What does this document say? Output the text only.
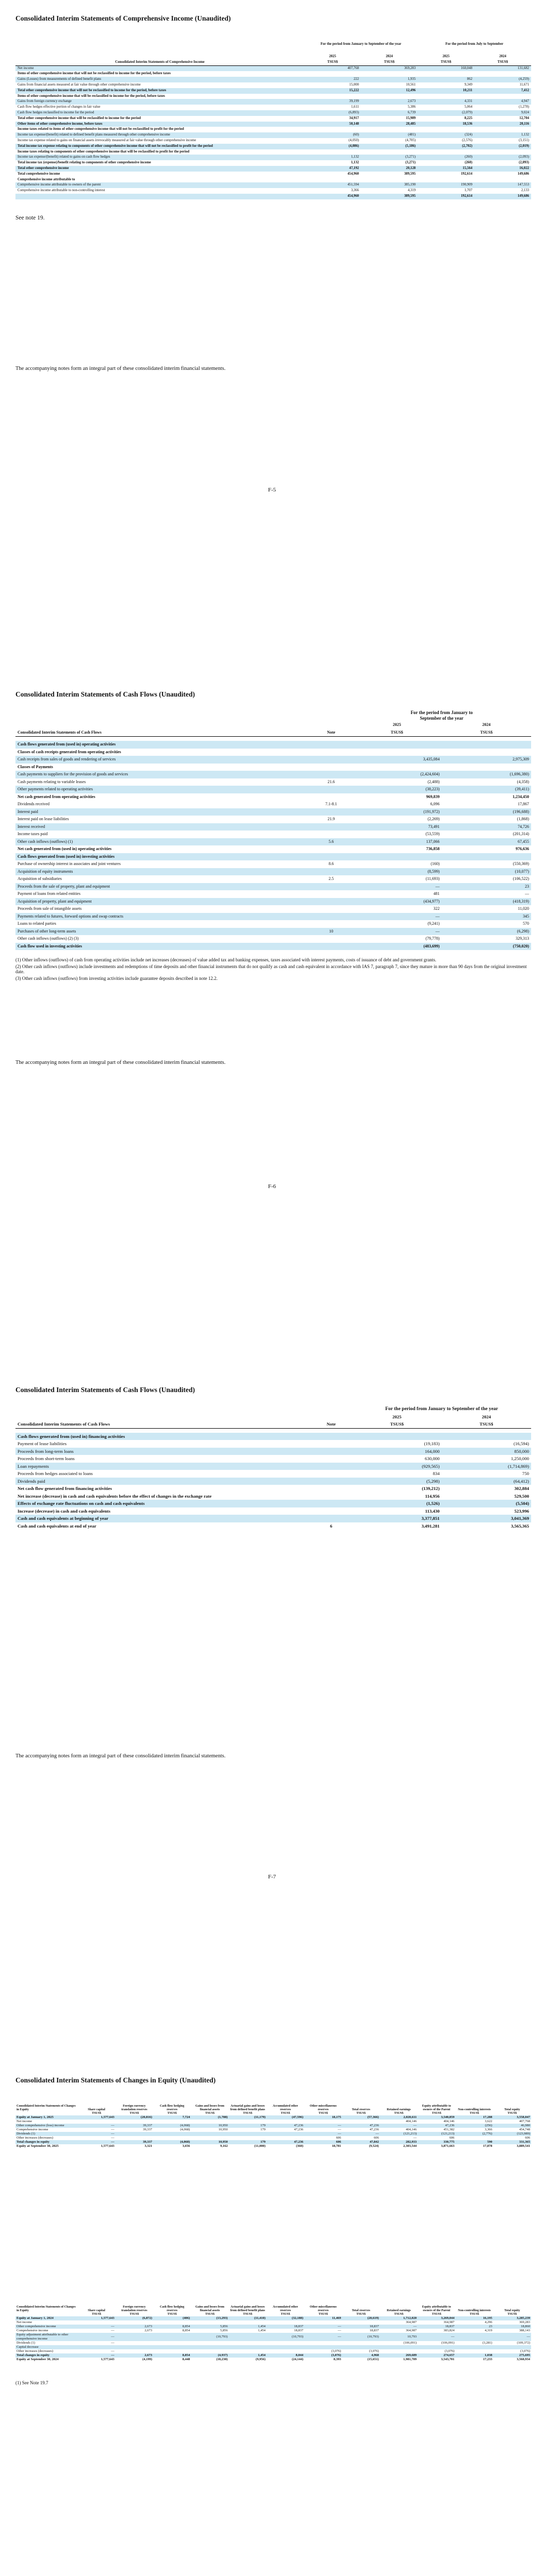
Consolidated Interim Statements of Comprehensive Income (Unaudited)

	For the period from January to September of the year		For the period from July to September	

	2025	2024	2025	2024
Consolidated Interim Statements of Comprehensive Income	TSUS$	TSUS$	TSUS$	TSUS$
Net income	407,768	369,283	160,048	131,682
Items of other comprehensive income that will not be reclassified to income for the period, before taxes				
Gains (Losses) from measurements of defined benefit plans	222	1,935	862	(4,259)
Gains from financial assets measured at fair value through other comprehensive income	15,000	10,561	9,349	11,671
Total other comprehensive income that will not be reclassified to income for the period, before taxes	15,222	12,496	10,211	7,412
Items of other comprehensive income that will be reclassified to income for the period, before taxes				
Gains from foreign currency exchange	39,199	2,673	4,331	4,947
Cash flow hedges effective portion of changes in fair value	1,611	5,386	5,064	(1,278)
Cash flow hedges reclassified to income for the period	(6,893)	6,739	(2,079)	9,024
Total other comprehensive income that will be reclassified to income for the period	34,917	15,989	8,225	12,704
Other items of other comprehensive income, before taxes	50,148	28,485	18,536	20,116
Income taxes related to items of other comprehensive income that will not be reclassified to profit for the period				
Income tax expense/(benefit) related to defined benefit plans measured through other comprehensive income	(60)	(481)	(324)	1,132
Income tax expense related to gains on financial assets irrevocably measured at fair value through other comprehensive income	(4,050)	(4,705)	(2,576)	(3,151)
Total income tax expense relating to components of other comprehensive income that will not be reclassified to profit for the period	(4,086)	(5,186)	(2,702)	(2,019)
Income taxes relating to components of other comprehensive income that will be reclassified to profit for the period				
Income tax expense/(benefit) related to gains on cash flow hedges	1,132	(3,271)	(260)	(2,093)
Total income tax (expense)/benefit relating to components of other comprehensive income	1,132	(3,271)	(260)	(2,093)

Total other comprehensive income	47,192	20,128	15,564	16,022
Total comprehensive income	454,960	389,595	192,614	149,686
Comprehensive income attributable to				
Comprehensive income attributable to owners of the parent	451,594	385,190	190,909	147,553
Comprehensive income attributable to non-controlling interest	3,366	4,319	1,707	2,133
	454,960	389,595	192,614	149,686

See note 19.

The accompanying notes form an integral part of these consolidated interim financial statements.
F-5

Consolidated Interim Statements of Cash Flows (Unaudited)

		For the period from January to September of the year	
		2025	2024
Consolidated Interim Statements of Cash Flows	Note	TSUS$	TSUS$

Cash flows generated from (used in) operating activities			
Classes of cash receipts generated from operating activities			
Cash receipts from sales of goods and rendering of services		3,435,084	2,975,309
Classes of Payments			
Cash payments to suppliers for the provision of goods and services		(2,424,604)	(1,696,380)
Cash payments relating to variable leases	21.6	(2,488)	(4,358)
Other payments related to operating activities		(38,223)	(39,411)
Net cash generated from operating activities		969,839	1,234,450
Dividends received	7.1-8.1	6,096	17,867
Interest paid		(191,972)	(196,688)
Interest paid on lease liabilities	21.9	(2,269)	(1,868)
Interest received		73,491	74,726
Income taxes paid		(53,559)	(201,314)
Other cash inflows (outflows) (1)	5.6	137,066	67,455
Net cash generated from (used in) operating activities		736,858	976,636
Cash flows generated from (used in) investing activities			
Purchase of ownership interest in associates and joint ventures	8.6	(160)	(550,369)
Acquisition of equity instruments		(8,599)	(10,077)
Acquisition of subsidiaries	2.5	(11,693)	(106,522)
Proceeds from the sale of property, plant and equipment		—	23
Payment of loans from related entities		481	—
Acquisition of property, plant and equipment		(434,977)	(418,319)
Proceeds from sale of intangible assets		322	11,020
Payments related to futures, forward options and swap contracts		—	345
Loans to related parties		(9,241)	570
Purchases of other long-term assets	10	—	(6,298)
Other cash inflows (outflows) (2) (3)		(79,778)	329,313
Cash flow used in investing activities		(483,699)	(750,020)

(1) Other inflows (outflows) of cash from operating activities include net increases (decreases) of value added tax and banking expenses, taxes associated with interest payments, costs of issuance of debt and government grants.

(2) Other cash inflows (outflows) include investments and redemptions of time deposits and other financial instruments that do not qualify as cash and cash equivalent in accordance with IAS 7, paragraph 7, since they mature in more than 90 days from the original investment date.

(3) Other cash inflows (outflows) from investing activities include guarantee deposits described in note 12.2.

The accompanying notes form an integral part of these consolidated interim financial statements.
F-6

Consolidated Interim Statements of Cash Flows (Unaudited)

		For the period from January to September of the year	
		2025	2024
Consolidated Interim Statements of Cash Flows	Note	TSUS$	TSUS$

Cash flows generated from (used in) financing activities			
Payment of lease liabilities		(19,183)	(16,594)
Proceeds from long-term loans		164,000	850,000
Proceeds from short-term loans		630,000	1,250,000
Loan repayments		(929,565)	(1,714,869)
Proceeds from hedges associated to loans		834	750
Dividends paid		(5,298)	(64,412)
Net cash flow generated from financing activities		(139,212)	302,884

Net increase (decrease) in cash and cash equivalents before the effect of changes in the exchange rate		114,956	529,500
Effects of exchange rate fluctuations on cash and cash equivalents		(1,526)	(5,504)
Increase (decrease) in cash and cash equivalents		113,430	523,996
Cash and cash equivalents at beginning of year		3,377,851	3,041,369
Cash and cash equivalents at end of year	6	3,491,281	3,565,365
The accompanying notes form an integral part of these consolidated interim financial statements.
F-7

Consolidated Interim Statements of Changes in Equity (Unaudited)

Consolidated Interim Statements of Changes in Equity	Share capital	Foreign currency translation reserves	Cash flow hedging reserves	Gains and losses from financial assets	Actuarial gains and losses from defined benefit plans	Accumulated other reserves	Other miscellaneous reserves	Total reserves	Retained earnings	Equity attributable to owners of the Parent	Non-controlling interests	Total equity
	TSUS$	TSUS$	TSUS$	TSUS$	TSUS$	TSUS$	TSUS$	TSUS$	TSUS$	TSUS$	TSUS$	TSUS$
Equity at January 1, 2025	1,577,643	(20,816)	7,724	(1,788)	(11,179)	(47,596)	18,175	(57,366)	2,020,611	3,540,859	17,288	3,558,047
Net income									404,146	404,146	3,622	407,768
Other comprehensive (loss) income	—	39,337	(4,068)	10,950	179	47,236	—	47,236	—	47,236	(256)	46,980
Comprehensive income	—	39,337	(4,068)	10,950	179	47,236	—	47,236	404,146	451,382	3,366	454,748
Dividends (1)	—						—	—	(121,213)	(121,213)	(2,776)	(123,989)
Other increases (decreases)	—						606	606	—	606		606
Total changes in equity	—	39,337	(4,068)	10,950	179	47,236	606	47,842	282,933	330,775	590	331,365
Equity at September 30, 2025	1,577,643	3,321	3,656	9,162	(11,000)	(360)	18,781	(9,524)	2,303,544	3,871,663	17,878	3,889,541
Consolidated Interim Statements of Changes in Equity	Share capital	Foreign currency translation reserves	Cash flow hedging reserves	Gains and losses from financial assets	Actuarial gains and losses from defined benefit plans	Accumulated other reserves	Other miscellaneous reserves	Total reserves	Retained earnings	Equity attributable to owners of the Parent	Non-controlling interests	Total equity
	TSUS$	TSUS$	TSUS$	TSUS$	TSUS$	TSUS$	TSUS$	TSUS$	TSUS$	TSUS$	TSUS$	TSUS$
Equity at January 1, 2024	1,577,643	(6,872)	(406)	(13,293)	(11,410)	(32,188)	11,469	(20,619)	1,712,020	3,269,044	16,195	3,285,239
Net income									364,987	364,987	4,296	369,283
Other comprehensive income	—	2,673	8,854	5,856	1,454	18,837	—	18,837	—	18,837	23	18,860
Comprehensive income	—	2,673	8,854	5,856	1,454	18,837	—	18,837	364,987	383,824	4,319	388,143
Equity adjustment attributable to other comprehensive income	—			(10,793)		(10,793)	—	(10,793)	10,793	—		—
Dividends (1)	—								(106,091)	(106,091)	(3,281)	(109,372)
Capital decrease												
Other increases (decreases)	—						(3,076)	(3,076)		(3,076)		(3,076)
Total changes in equity	—	2,673	8,854	(4,937)	1,454	8,044	(3,076)	4,968	269,689	274,657	1,038	275,695
Equity at September 30, 2024	1,577,643	(4,199)	8,448	(18,230)	(9,956)	(24,144)	8,393	(15,651)	1,981,709	3,543,701	17,233	3,560,934

(1) See Note 19.7
